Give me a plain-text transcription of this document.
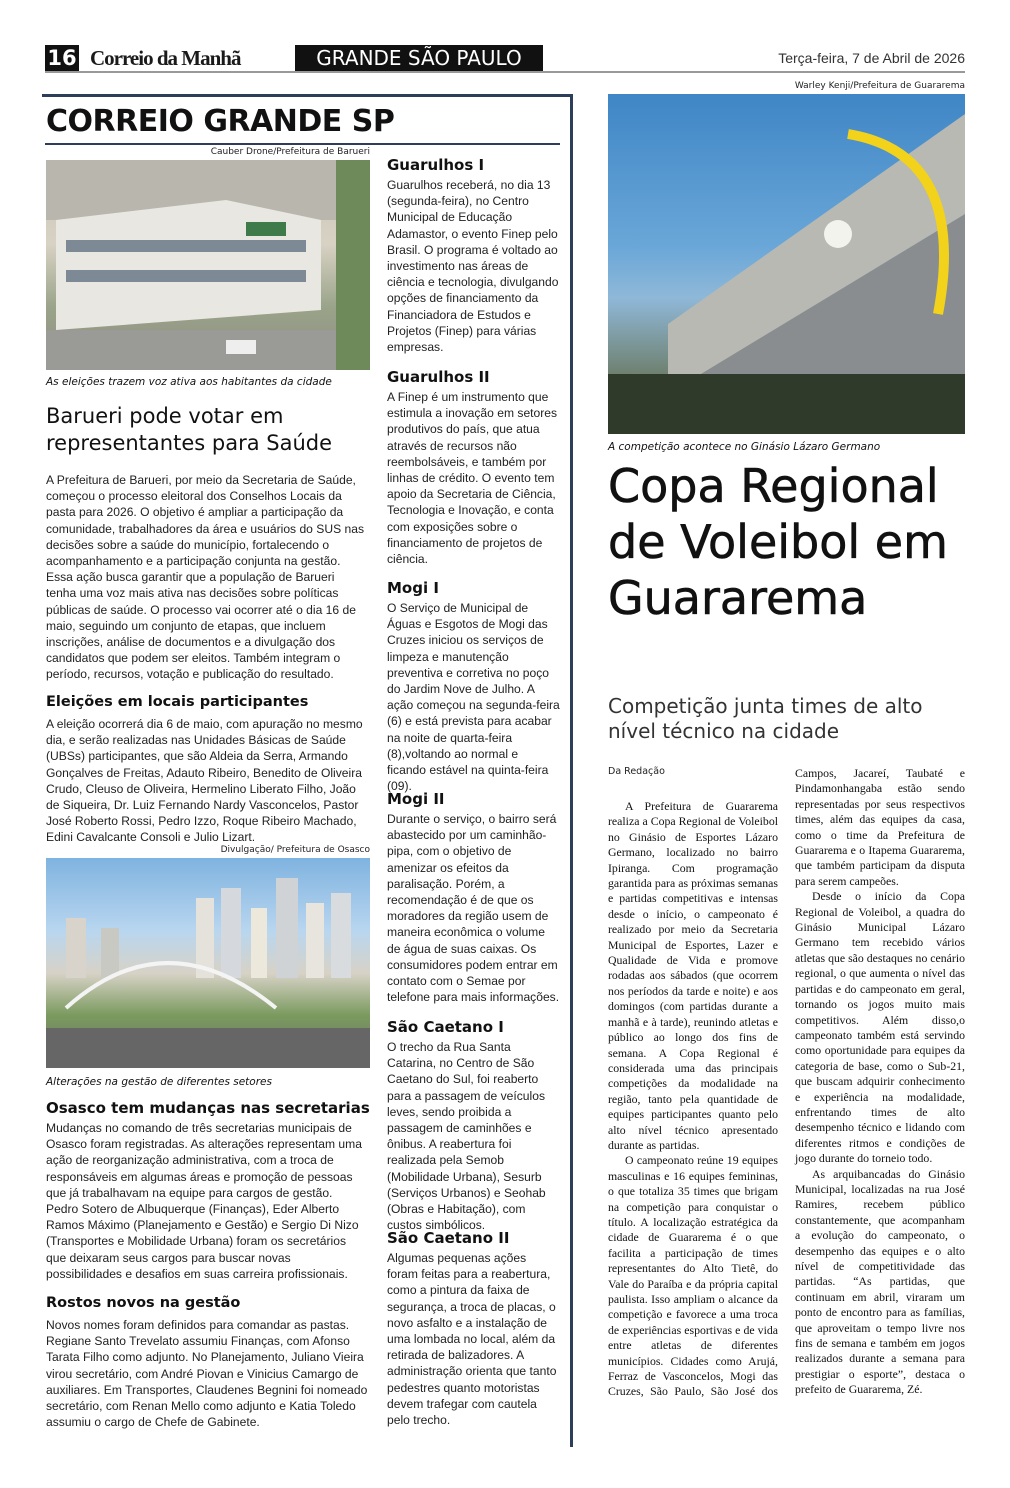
16 Correio da Manhã	GRANDE SÃO PAULO	Terça-feira, 7 de Abril de 2026
CORREIO GRANDE SP
Cauber Drone/Prefeitura de Barueri
As eleições trazem voz ativa aos habitantes da cidade
Barueri pode votar em representantes para Saúde

A Prefeitura de Barueri, por meio da Secretaria de Saúde, começou o processo eleitoral dos Conselhos Locais da pasta para 2026. O objetivo é ampliar a participação da comunidade, trabalhadores da área e usuários do SUS nas decisões sobre a saúde do município, fortalecendo o acompanhamento e a participação conjunta na gestão. Essa ação busca garantir que a população de Barueri tenha uma voz mais ativa nas decisões sobre políticas públicas de saúde. O processo vai ocorrer até o dia 16 de maio, seguindo um conjunto de etapas, que incluem inscrições, análise de documentos e a divulgação dos candidatos que podem ser eleitos. Também integram o período, recursos, votação e publicação do resultado.

Eleições em locais participantes

A eleição ocorrerá dia 6 de maio, com apuração no mesmo dia, e serão realizadas nas Unidades Básicas de Saúde (UBSs) participantes, que são Aldeia da Serra, Armando Gonçalves de Freitas, Adauto Ribeiro, Benedito de Oliveira Crudo, Cleuso de Oliveira, Hermelino Liberato Filho, João de Siqueira, Dr. Luiz Fernando Nardy Vasconcelos, Pastor José Roberto Rossi, Pedro Izzo, Roque Ribeiro Machado, Edini Cavalcante Consoli e Julio Lizart.

Divulgação/ Prefeitura de Osasco
Alterações na gestão de diferentes setores
Osasco tem mudanças nas secretarias

Mudanças no comando de três secretarias municipais de Osasco foram registradas. As alterações representam uma ação de reorganização administrativa, com a troca de responsáveis em algumas áreas e promoção de pessoas que já trabalhavam na equipe para cargos de gestão. Pedro Sotero de Albuquerque (Finanças), Eder Alberto Ramos Máximo (Planejamento e Gestão) e Sergio Di Nizo (Transportes e Mobilidade Urbana) foram os secretários que deixaram seus cargos para buscar novas possibilidades e desafios em suas carreira profissionais.

Rostos novos na gestão

Novos nomes foram definidos para comandar as pastas. Regiane Santo Trevelato assumiu Finanças, com Afonso Tarata Filho como adjunto. No Planejamento, Juliano Vieira virou secretário, com André Piovan e Vinicius Camargo de auxiliares. Em Transportes, Claudenes Begnini foi nomeado secretário, com Renan Mello como adjunto e Katia Toledo assumiu o cargo de Chefe de Gabinete.

Guarulhos I

Guarulhos receberá, no dia 13 (segunda-feira), no Centro Municipal de Educação Adamastor, o evento Finep pelo Brasil. O programa é voltado ao investimento nas áreas de ciência e tecnologia, divulgando opções de financiamento da Financiadora de Estudos e Projetos (Finep) para várias empresas.

Guarulhos II

A Finep é um instrumento que estimula a inovação em setores produtivos do país, que atua através de recursos não reembolsáveis, e também por linhas de crédito. O evento tem apoio da Secretaria de Ciência, Tecnologia e Inovação, e conta com exposições sobre o financiamento de projetos de ciência.

Mogi I

O Serviço de Municipal de Águas e Esgotos de Mogi das Cruzes iniciou os serviços de limpeza e manutenção preventiva e corretiva no poço do Jardim Nove de Julho. A ação começou na segunda-feira (6) e está prevista para acabar na noite de quarta-feira (8),voltando ao normal e ficando estável na quinta-feira (09).

Mogi II

Durante o serviço, o bairro será abastecido por um caminhão-pipa, com o objetivo de amenizar os efeitos da paralisação. Porém, a recomendação é de que os moradores da região usem de maneira econômica o volume de água de suas caixas. Os consumidores podem entrar em contato com o Semae por telefone para mais informações.

São Caetano I

O trecho da Rua Santa Catarina, no Centro de São Caetano do Sul, foi reaberto para a passagem de veículos leves, sendo proibida a passagem de caminhões e ônibus. A reabertura foi realizada pela Semob (Mobilidade Urbana), Sesurb (Serviços Urbanos) e Seohab (Obras e Habitação), com custos simbólicos.

São Caetano II

Algumas pequenas ações foram feitas para a reabertura, como a pintura da faixa de segurança, a troca de placas, o novo asfalto e a instalação de uma lombada no local, além da retirada de balizadores. A administração orienta que tanto pedestres quanto motoristas devem trafegar com cautela pelo trecho.

Warley Kenji/Prefeitura de Guararema
A competição acontece no Ginásio Lázaro Germano
Copa Regional de Voleibol em Guararema
Competição junta times de alto nível técnico na cidade
Da Redação

A Prefeitura de Guararema realiza a Copa Regional de Voleibol no Ginásio de Esportes Lázaro Germano, localizado no bairro Ipiranga. Com programação garantida para as próximas semanas e partidas competitivas e intensas desde o início, o campeonato é realizado por meio da Secretaria Municipal de Esportes, Lazer e Qualidade de Vida e promove rodadas aos sábados (que ocorrem nos períodos da tarde e noite) e aos domingos (com partidas durante a manhã e à tarde), reunindo atletas e público ao longo dos fins de semana. A Copa Regional é considerada uma das principais competições da modalidade na região, tanto pela quantidade de equipes participantes quanto pelo alto nível técnico apresentado durante as partidas.

O campeonato reúne 19 equipes masculinas e 16 equipes femininas, o que totaliza 35 times que brigam na competição para conquistar o título. A localização estratégica da cidade de Guararema é o que facilita a participação de times representantes do Alto Tietê, do Vale do Paraíba e da própria capital paulista. Isso ampliam o alcance da competição e favorece a uma troca de experiências esportivas e de vida entre atletas de diferentes municípios. Cidades como Arujá, Ferraz de Vasconcelos, Mogi das Cruzes, São Paulo, São José dos Campos, Jacareí, Taubaté e Pindamonhangaba estão sendo representadas por seus respectivos times, além das equipes da casa, como o time da Prefeitura de Guararema e o Itapema Guararema, que também participam da disputa para serem campeões.

Desde o início da Copa Regional de Voleibol, a quadra do Ginásio Municipal Lázaro Germano tem recebido vários atletas que são destaques no cenário regional, o que aumenta o nível das partidas e do campeonato em geral, tornando os jogos muito mais competitivos. Além disso,o campeonato também está servindo como oportunidade para equipes da categoria de base, como o Sub-21, que buscam adquirir conhecimento e experiência na modalidade, enfrentando times de alto desempenho técnico e lidando com diferentes ritmos e condições de jogo durante do torneio todo.

As arquibancadas do Ginásio Municipal, localizadas na rua José Ramires, recebem público constantemente, que acompanham a evolução do campeonato, o desempenho das equipes e o alto nível de competitividade das partidas. “As partidas, que continuam em abril, viraram um ponto de encontro para as famílias, que aproveitam o tempo livre nos fins de semana e também em jogos realizados durante a semana para prestigiar o esporte”, destaca o prefeito de Guararema, Zé.
